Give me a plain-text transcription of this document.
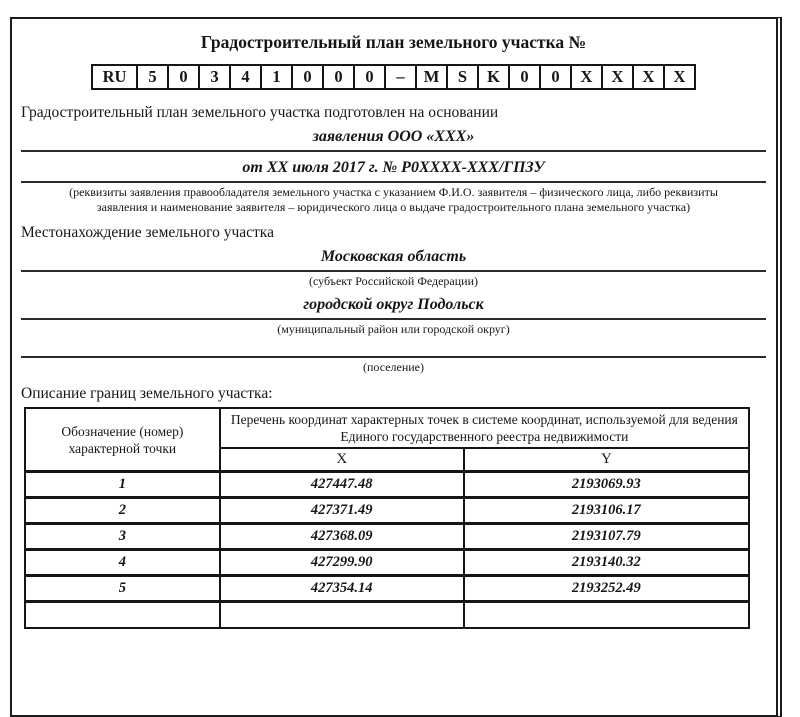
Градостроительный план земельного участка №
RU	5	0	3	4	1	0	0	0	–	M	S	K	0	0	X	X	X	X
Градостроительный план земельного участка подготовлен на основании
заявления ООО «ХХХ»
от ХХ июля 2017 г. № Р0ХХХХ-ХХХ/ГПЗУ
(реквизиты заявления правообладателя земельного участка с указанием Ф.И.О. заявителя – физического лица, либо реквизиты заявления и наименование заявителя – юридического лица о выдаче градостроительного плана земельного участка)
Местонахождение земельного участка
Московская область
(субъект Российской Федерации)
городской округ Подольск
(муниципальный район или городской округ)
(поселение)
Описание границ земельного участка:
Обозначение (номер) характерной точки	Перечень координат характерных точек в системе координат, используемой для ведения Единого государственного реестра недвижимости	
	X	Y
1	427447.48	2193069.93
2	427371.49	2193106.17
3	427368.09	2193107.79
4	427299.90	2193140.32
5	427354.14	2193252.49
